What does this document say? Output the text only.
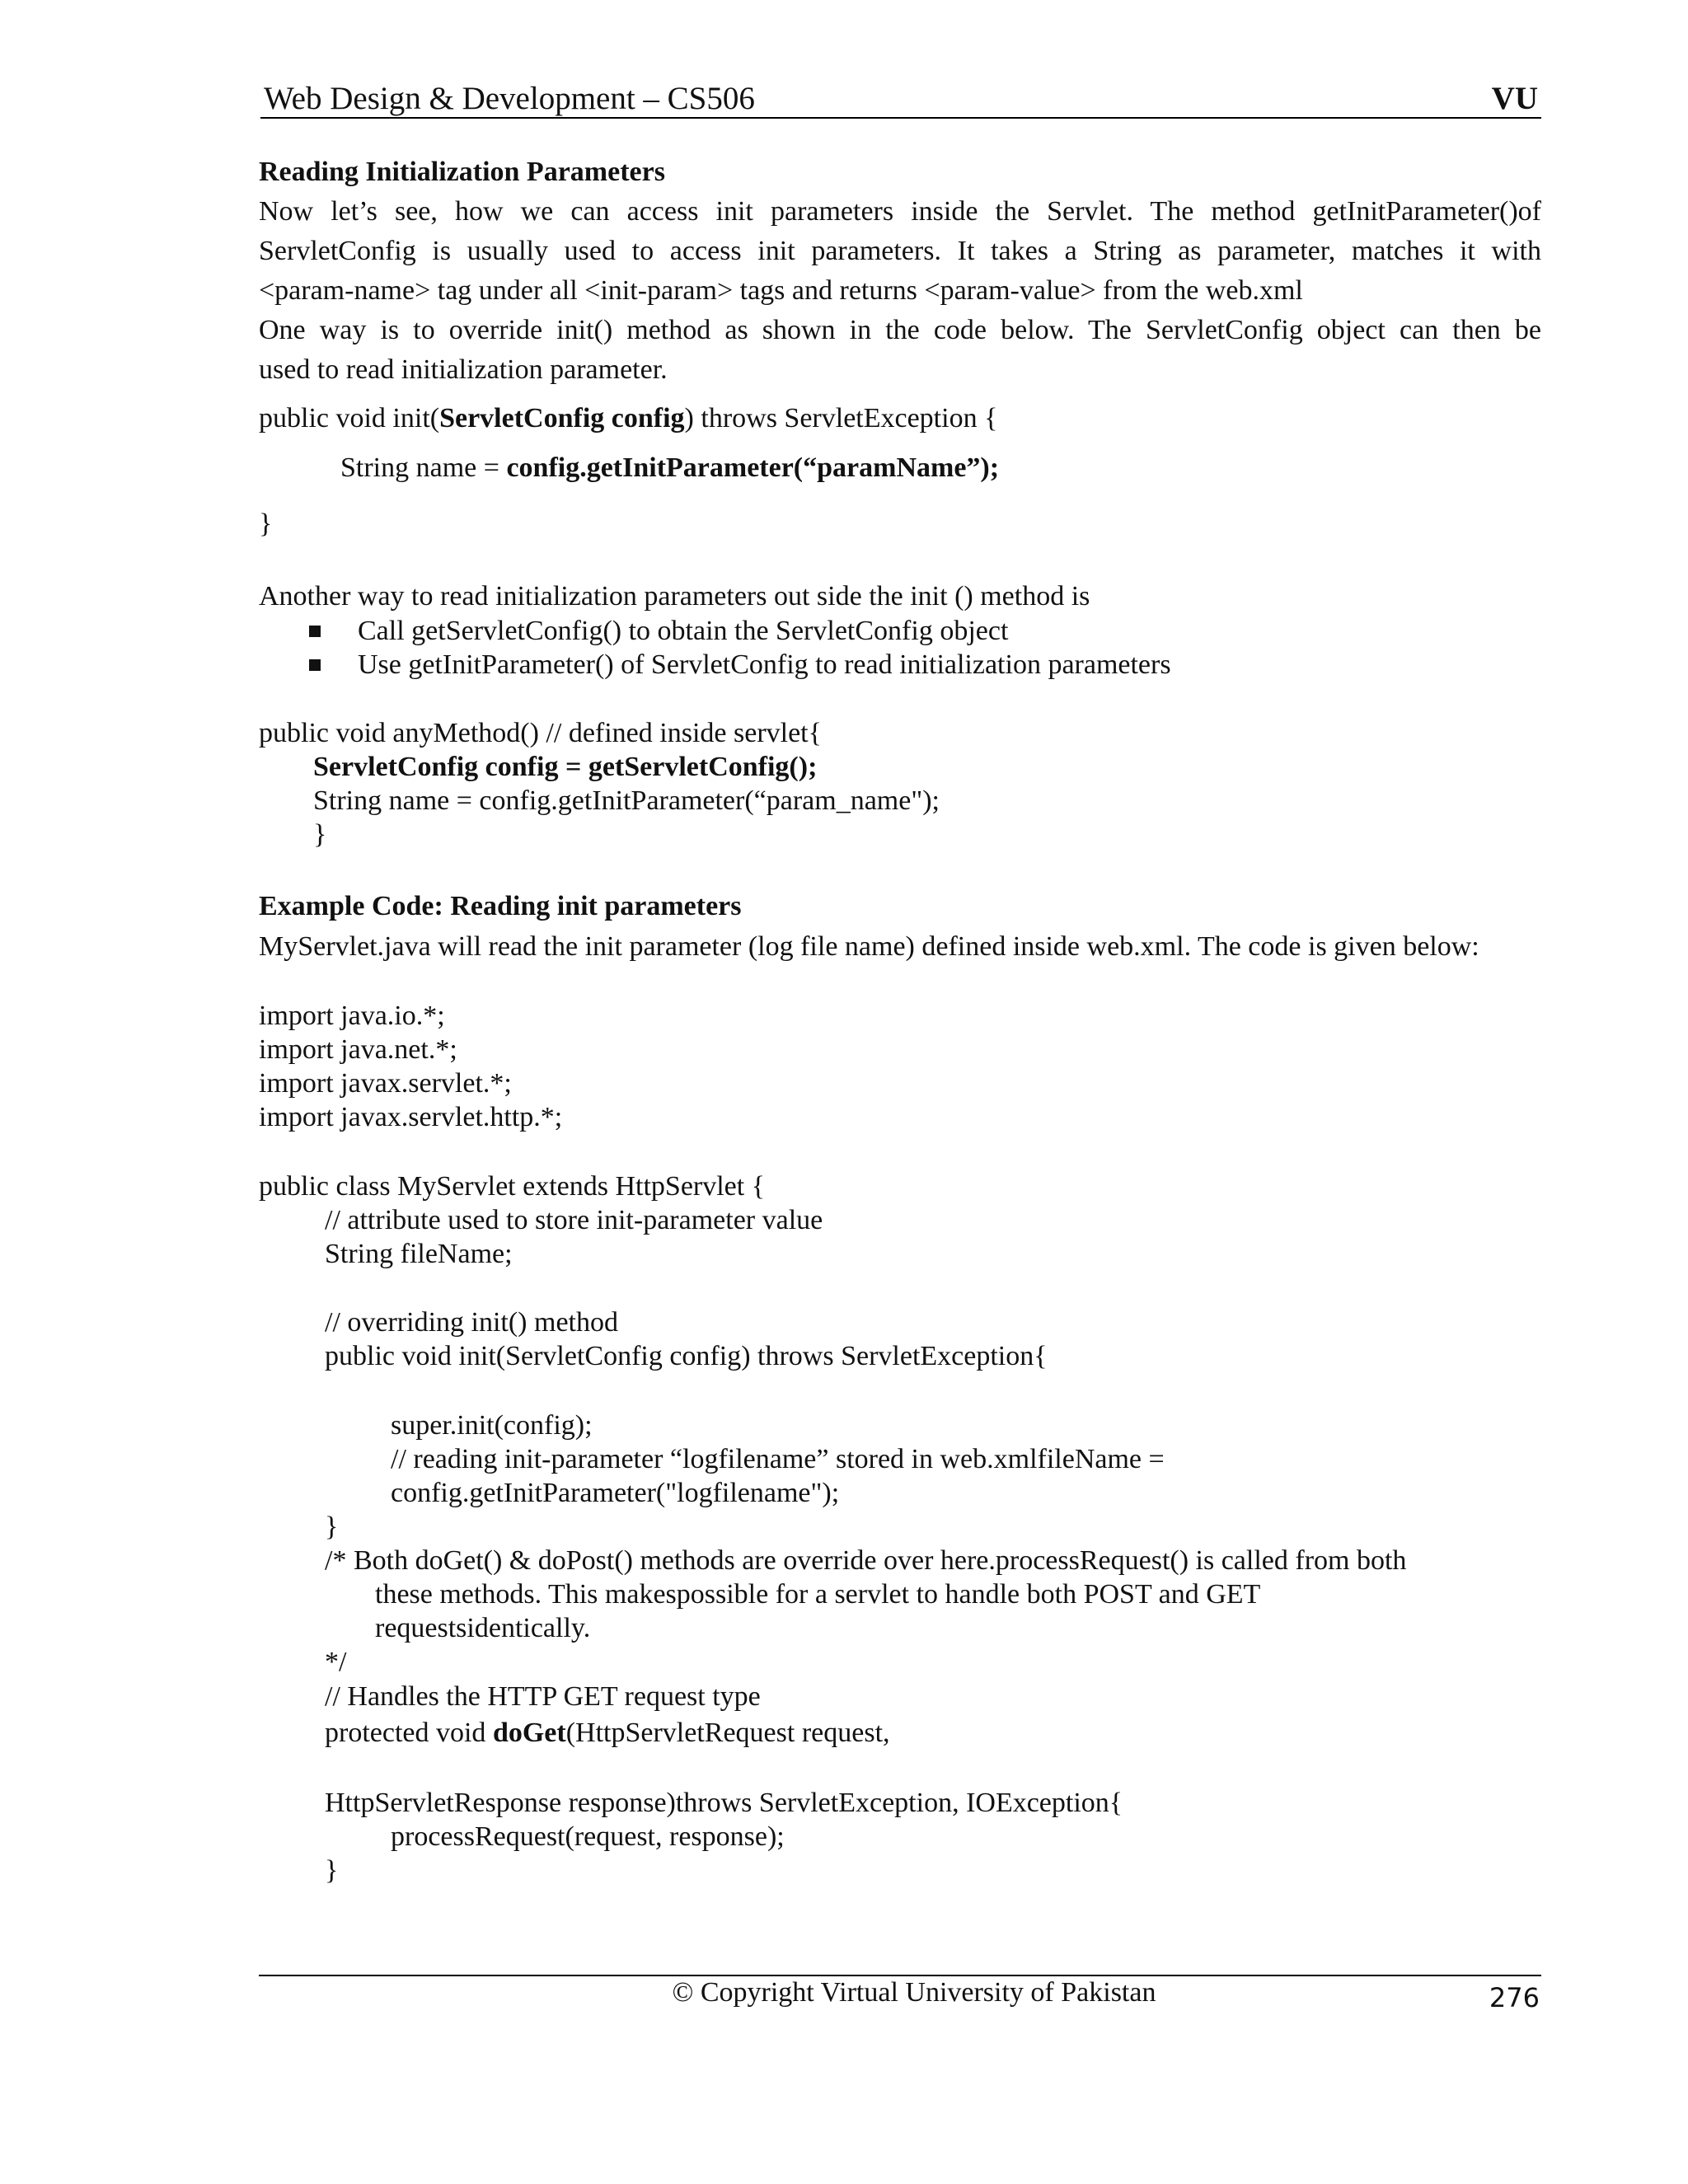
Web Design & Development – CS506	VU
Reading Initialization Parameters
Now let’s see, how we can access init parameters inside the Servlet. The method getInitParameter()of
ServletConfig is usually used to access init parameters. It takes a String as parameter, matches it with
<param-name> tag under all <init-param> tags and returns <param-value> from the web.xml
One way is to override init() method as shown in the code below. The ServletConfig object can then be
used to read initialization parameter.
public void init(ServletConfig config) throws ServletException {
String name = config.getInitParameter(“paramName”);
}
Another way to read initialization parameters out side the init () method is
Call getServletConfig() to obtain the ServletConfig object
Use getInitParameter() of ServletConfig to read initialization parameters
public void anyMethod() // defined inside servlet{
ServletConfig config = getServletConfig();
String name = config.getInitParameter(“param_name");
}
Example Code: Reading init parameters
MyServlet.java will read the init parameter (log file name) defined inside web.xml. The code is given below:
import java.io.*;
import java.net.*;
import javax.servlet.*;
import javax.servlet.http.*;
public class MyServlet extends HttpServlet {
// attribute used to store init-parameter value
String fileName;
// overriding init() method
public void init(ServletConfig config) throws ServletException{
super.init(config);
// reading init-parameter “logfilename” stored in web.xmlfileName =
config.getInitParameter("logfilename");
}
/* Both doGet() & doPost() methods are override over here.processRequest() is called from both
these methods. This makespossible for a servlet to handle both POST and GET
requestsidentically.
*/
// Handles the HTTP GET request type
protected void doGet(HttpServletRequest request,
HttpServletResponse response)throws ServletException, IOException{
processRequest(request, response);
}
© Copyright Virtual University of Pakistan	276
